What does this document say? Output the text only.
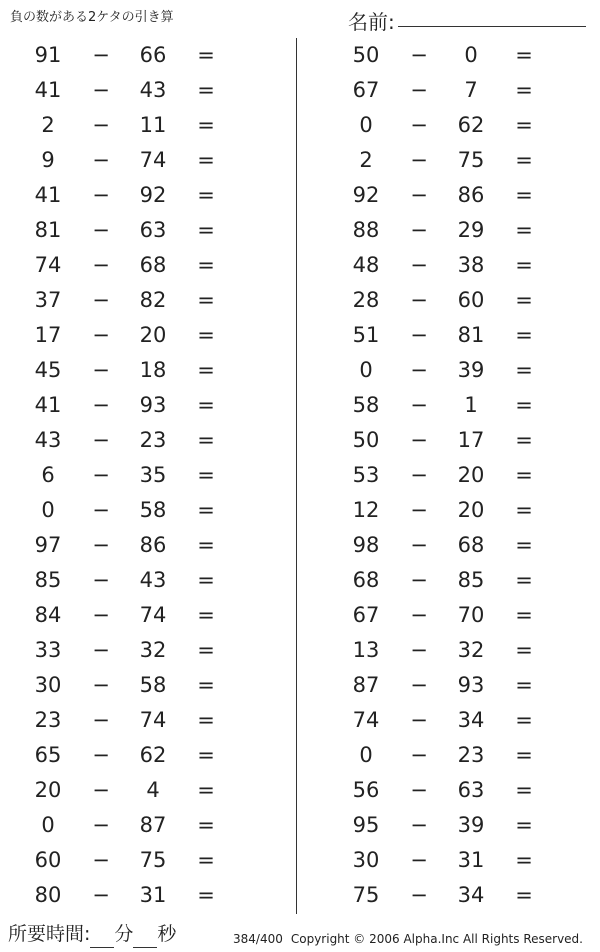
負の数がある2ケタの引き算	名前:
91	−	66	=
41	−	43	=
2	−	11	=
9	−	74	=
41	−	92	=
81	−	63	=
74	−	68	=
37	−	82	=
17	−	20	=
45	−	18	=
41	−	93	=
43	−	23	=
6	−	35	=
0	−	58	=
97	−	86	=
85	−	43	=
84	−	74	=
33	−	32	=
30	−	58	=
23	−	74	=
65	−	62	=
20	−	4	=
0	−	87	=
60	−	75	=
80	−	31	=
50	−	0	=
67	−	7	=
0	−	62	=
2	−	75	=
92	−	86	=
88	−	29	=
48	−	38	=
28	−	60	=
51	−	81	=
0	−	39	=
58	−	1	=
50	−	17	=
53	−	20	=
12	−	20	=
98	−	68	=
68	−	85	=
67	−	70	=
13	−	32	=
87	−	93	=
74	−	34	=
0	−	23	=
56	−	63	=
95	−	39	=
30	−	31	=
75	−	34	=
所要時間: 分 秒	384/400 Copyright © 2006 Alpha.Inc All Rights Reserved.
